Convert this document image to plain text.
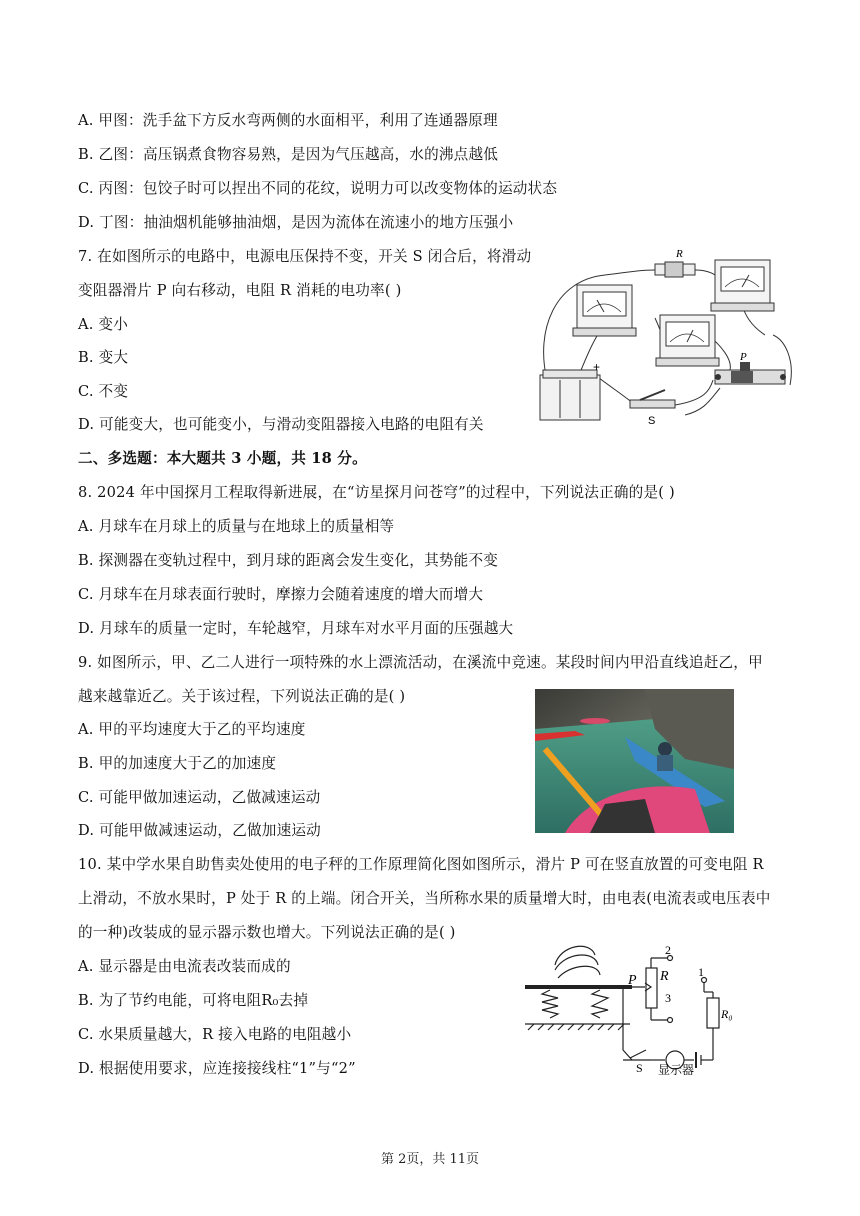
A. 甲图：洗手盆下方反水弯两侧的水面相平，利用了连通器原理
B. 乙图：高压锅煮食物容易熟，是因为气压越高，水的沸点越低
C. 丙图：包饺子时可以捏出不同的花纹，说明力可以改变物体的运动状态
D. 丁图：抽油烟机能够抽油烟，是因为流体在流速小的地方压强小
7. 在如图所示的电路中，电源电压保持不变，开关 S 闭合后，将滑动
变阻器滑片 P 向右移动，电阻 R 消耗的电功率( )
A. 变小
B. 变大
C. 不变
D. 可能变大，也可能变小，与滑动变阻器接入电路的电阻有关
二、多选题：本大题共 3 小题，共 18 分。
8. 2024 年中国探月工程取得新进展，在“访星探月问苍穹”的过程中，下列说法正确的是( )
A. 月球车在月球上的质量与在地球上的质量相等
B. 探测器在变轨过程中，到月球的距离会发生变化，其势能不变
C. 月球车在月球表面行驶时，摩擦力会随着速度的增大而增大
D. 月球车的质量一定时，车轮越窄，月球车对水平月面的压强越大
9. 如图所示，甲、乙二人进行一项特殊的水上漂流活动，在溪流中竞速。某段时间内甲沿直线追赶乙，甲
越来越靠近乙。关于该过程，下列说法正确的是( )
A. 甲的平均速度大于乙的平均速度
B. 甲的加速度大于乙的加速度
C. 可能甲做加速运动，乙做减速运动
D. 可能甲做减速运动，乙做加速运动
10. 某中学水果自助售卖处使用的电子秤的工作原理简化图如图所示，滑片 P 可在竖直放置的可变电阻 R
上滑动，不放水果时，P 处于 R 的上端。闭合开关，当所称水果的质量增大时，由电表(电流表或电压表中
的一种)改装成的显示器示数也增大。下列说法正确的是( )
A. 显示器是由电流表改装而成的
B. 为了节约电能，可将电阻R₀去掉
C. 水果质量越大，R 接入电路的电阻越小
D. 根据使用要求，应连接接线柱“1”与“2”
R
P
+
S
P R
R₀
2
3
1
S 显示器
第 2页，共 11页
